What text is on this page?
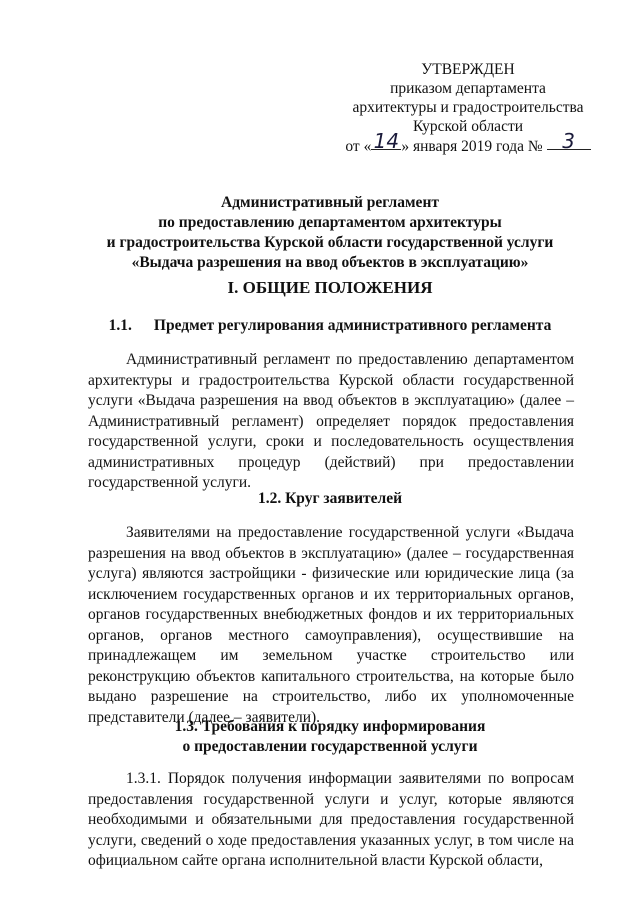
УТВЕРЖДЕН
приказом департамента
архитектуры и градостроительства
Курской области
от « 14 » января 2019 года № 3
Административный регламент
по предоставлению департаментом архитектуры
и градостроительства Курской области государственной услуги
«Выдача разрешения на ввод объектов в эксплуатацию»
I. ОБЩИЕ ПОЛОЖЕНИЯ
1.1. Предмет регулирования административного регламента
Административный регламент по предоставлению департаментом архитектуры и градостроительства Курской области государственной услуги «Выдача разрешения на ввод объектов в эксплуатацию» (далее – Административный регламент) определяет порядок предоставления государственной услуги, сроки и последовательность осуществления административных процедур (действий) при предоставлении государственной услуги.
1.2. Круг заявителей
Заявителями на предоставление государственной услуги «Выдача разрешения на ввод объектов в эксплуатацию» (далее – государственная услуга) являются застройщики - физические или юридические лица (за исключением государственных органов и их территориальных органов, органов государственных внебюджетных фондов и их территориальных органов, органов местного самоуправления), осуществившие на принадлежащем им земельном участке строительство или реконструкцию объектов капитального строительства, на которые было выдано разрешение на строительство, либо их уполномоченные представители (далее – заявители).
1.3. Требования к порядку информирования
о предоставлении государственной услуги
1.3.1. Порядок получения информации заявителями по вопросам предоставления государственной услуги и услуг, которые являются необходимыми и обязательными для предоставления государственной услуги, сведений о ходе предоставления указанных услуг, в том числе на официальном сайте органа исполнительной власти Курской области,
